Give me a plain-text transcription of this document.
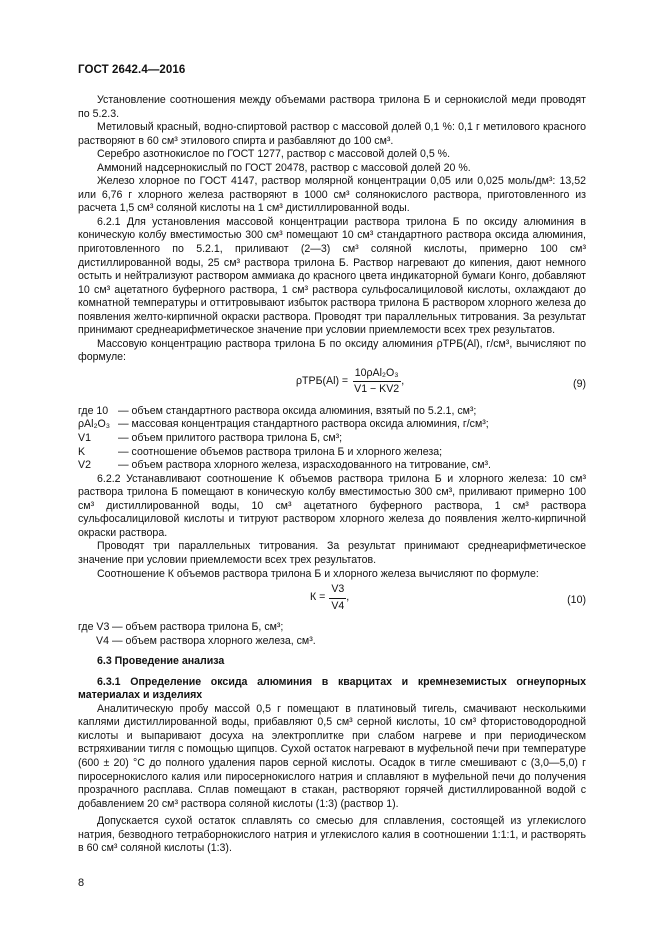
ГОСТ 2642.4—2016

Установление соотношения между объемами раствора трилона Б и сернокислой меди проводят по 5.2.3.

Метиловый красный, водно-спиртовой раствор с массовой долей 0,1 %: 0,1 г метилового красного растворяют в 60 см³ этилового спирта и разбавляют до 100 см³.

Серебро азотнокислое по ГОСТ 1277, раствор с массовой долей 0,5 %.

Аммоний надсернокислый по ГОСТ 20478, раствор с массовой долей 20 %.

Железо хлорное по ГОСТ 4147, раствор молярной концентрации 0,05 или 0,025 моль/дм³: 13,52 или 6,76 г хлорного железа растворяют в 1000 см³ солянокислого раствора, приготовленного из расчета 1,5 см³ соляной кислоты на 1 см³ дистиллированной воды.

6.2.1 Для установления массовой концентрации раствора трилона Б по оксиду алюминия в коническую колбу вместимостью 300 см³ помещают 10 см³ стандартного раствора оксида алюминия, приготовленного по 5.2.1, приливают (2—3) см³ соляной кислоты, примерно 100 см³ дистиллированной воды, 25 см³ раствора трилона Б. Раствор нагревают до кипения, дают немного остыть и нейтрализуют раствором аммиака до красного цвета индикаторной бумаги Конго, добавляют 10 см³ ацетатного буферного раствора, 1 см³ раствора сульфосалициловой кислоты, охлаждают до комнатной температуры и оттитровывают избыток раствора трилона Б раствором хлорного железа до появления желто-кирпичной окраски раствора. Проводят три параллельных титрования. За результат принимают среднеарифметическое значение при условии приемлемости всех трех результатов.

Массовую концентрацию раствора трилона Б по оксиду алюминия ρТРБ(Al), г/см³, вычисляют по формуле:

$\rho ТРБ(Al) = \frac{\text{10ρAl₂O₃}}{V1 - KV2}$ ,	(9)
где 10 — объем стандартного раствора оксида алюминия, взятый по 5.2.1, см³;
ρAl₂O₃ — массовая концентрация стандартного раствора оксида алюминия, г/см³;
V1	— объем прилитого раствора трилона Б, см³;
K	— соотношение объемов раствора трилона Б и хлорного железа;
V2	— объем раствора хлорного железа, израсходованного на титрование, см³.

6.2.2 Устанавливают соотношение К объемов раствора трилона Б и хлорного железа: 10 см³ раствора трилона Б помещают в коническую колбу вместимостью 300 см³, приливают примерно 100 см³ дистиллированной воды, 10 см³ ацетатного буферного раствора, 1 см³ раствора сульфосалициловой кислоты и титруют раствором хлорного железа до появления желто-кирпичной окраски раствора.

Проводят три параллельных титрования. За результат принимают среднеарифметическое значение при условии приемлемости всех трех результатов.

Соотношение К объемов раствора трилона Б и хлорного железа вычисляют по формуле:

$К = \frac{V3}{V4}$ ,	(10)
где V3 — объем раствора трилона Б, см³;
V4 — объем раствора хлорного железа, см³.

6.3 Проведение анализа

6.3.1 Определение оксида алюминия в кварцитах и кремнеземистых огнеупорных материалах и изделиях

Аналитическую пробу массой 0,5 г помещают в платиновый тигель, смачивают несколькими каплями дистиллированной воды, прибавляют 0,5 см³ серной кислоты, 10 см³ фтористоводородной кислоты и выпаривают досуха на электроплитке при слабом нагреве и при периодическом встряхивании тигля с помощью щипцов. Сухой остаток нагревают в муфельной печи при температуре (600 ± 20) °С до полного удаления паров серной кислоты. Осадок в тигле смешивают с (3,0—5,0) г пиросернокислого калия или пиросернокислого натрия и сплавляют в муфельной печи до получения прозрачного расплава. Сплав помещают в стакан, растворяют горячей дистиллированной водой с добавлением 20 см³ раствора соляной кислоты (1:3) (раствор 1).

Допускается сухой остаток сплавлять со смесью для сплавления, состоящей из углекислого натрия, безводного тетраборнокислого натрия и углекислого калия в соотношении 1:1:1, и растворять в 60 см³ соляной кислоты (1:3).

8
